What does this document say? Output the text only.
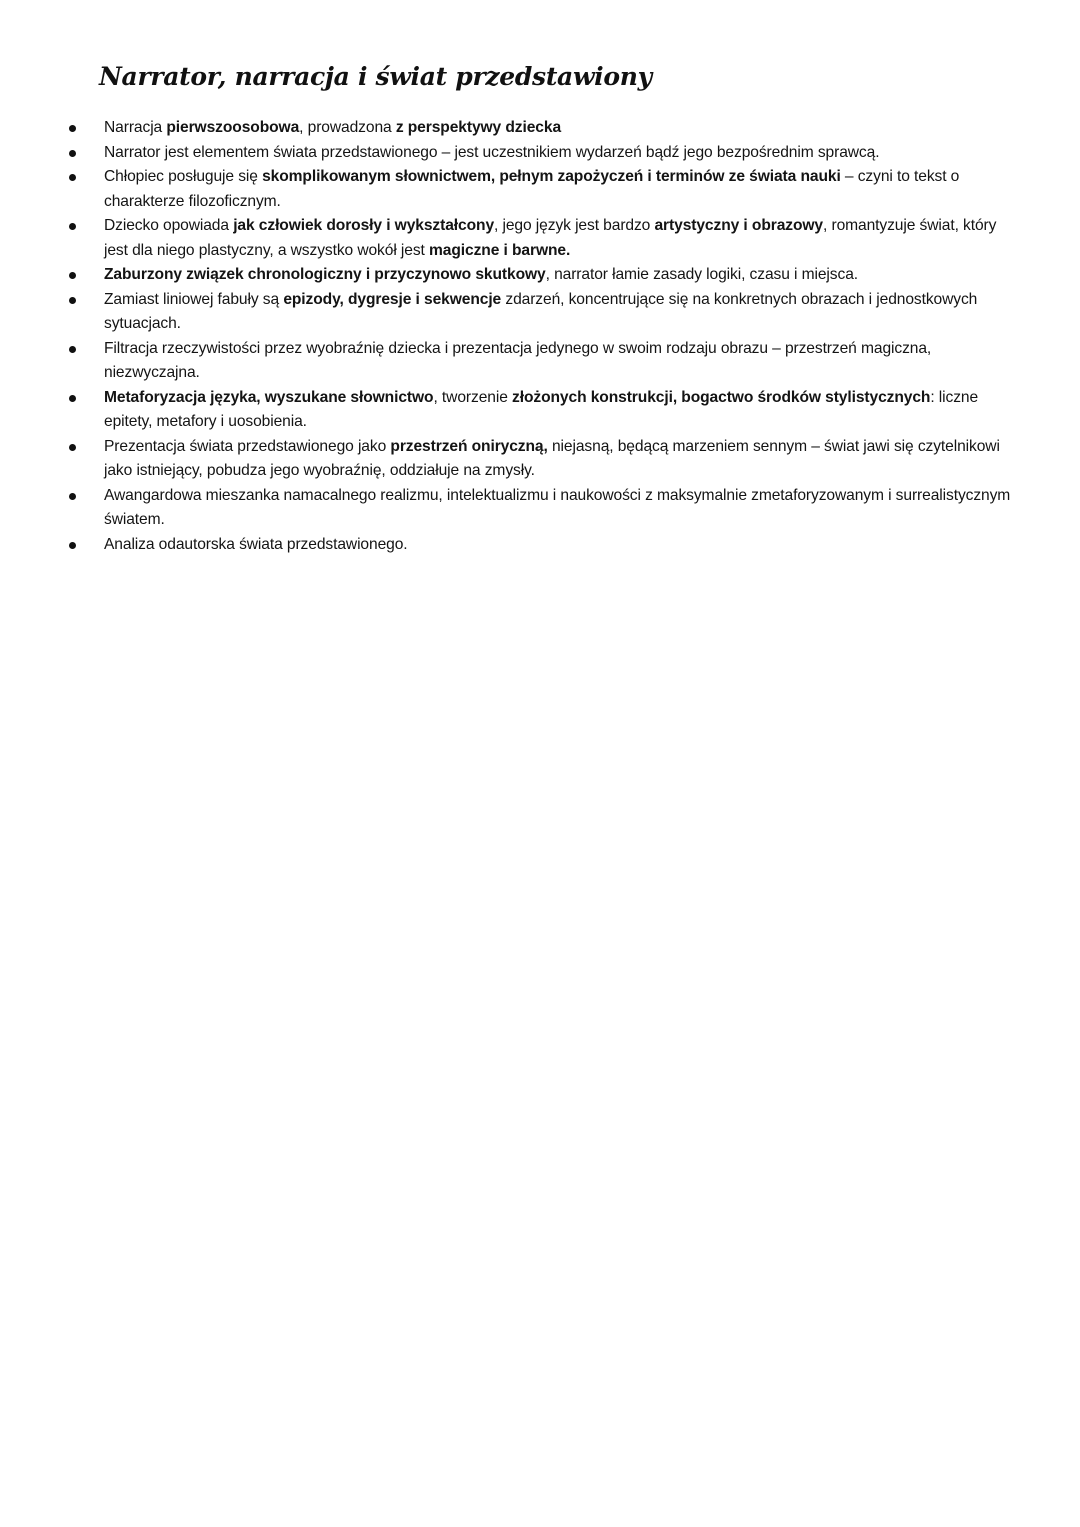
Narrator, narracja i świat przedstawiony
Narracja pierwszoosobowa, prowadzona z perspektywy dziecka
Narrator jest elementem świata przedstawionego – jest uczestnikiem wydarzeń bądź jego bezpośrednim sprawcą.
Chłopiec posługuje się skomplikowanym słownictwem, pełnym zapożyczeń i terminów ze świata nauki – czyni to tekst o charakterze filozoficznym.
Dziecko opowiada jak człowiek dorosły i wykształcony, jego język jest bardzo artystyczny i obrazowy, romantyzuje świat, który jest dla niego plastyczny, a wszystko wokół jest magiczne i barwne.
Zaburzony związek chronologiczny i przyczynowo skutkowy, narrator łamie zasady logiki, czasu i miejsca.
Zamiast liniowej fabuły są epizody, dygresje i sekwencje zdarzeń, koncentrujące się na konkretnych obrazach i jednostkowych sytuacjach.
Filtracja rzeczywistości przez wyobraźnię dziecka i prezentacja jedynego w swoim rodzaju obrazu – przestrzeń magiczna, niezwyczajna.
Metaforyzacja języka, wyszukane słownictwo, tworzenie złożonych konstrukcji, bogactwo środków stylistycznych: liczne epitety, metafory i uosobienia.
Prezentacja świata przedstawionego jako przestrzeń oniryczną, niejasną, będącą marzeniem sennym – świat jawi się czytelnikowi jako istniejący, pobudza jego wyobraźnię, oddziałuje na zmysły.
Awangardowa mieszanka namacalnego realizmu, intelektualizmu i naukowości z maksymalnie zmetaforyzowanym i surrealistycznym światem.
Analiza odautorska świata przedstawionego.
